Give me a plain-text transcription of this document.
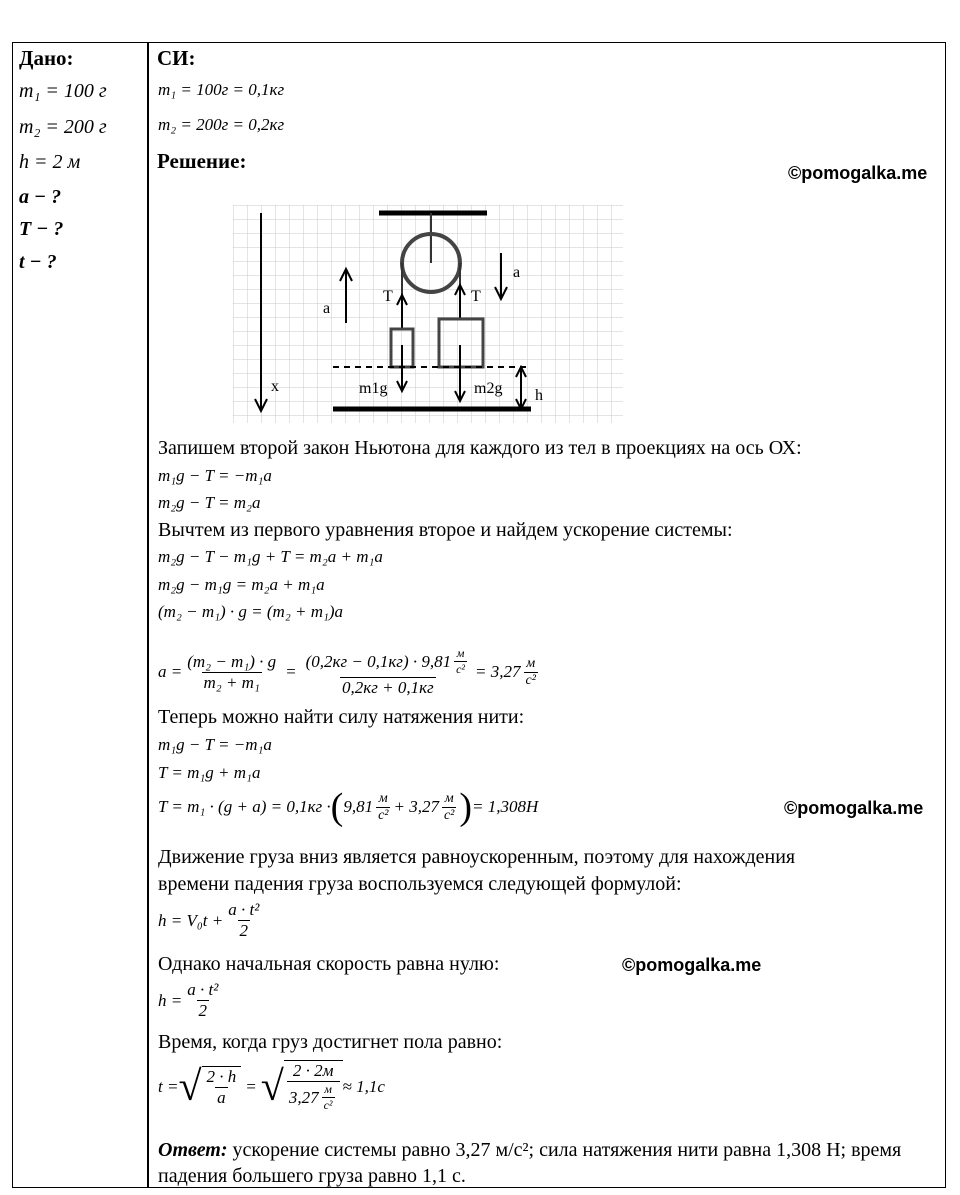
Дано:
m₁ = 100 г
m₂ = 200 г
h = 2 м
a − ?
T − ?
t − ?
СИ:
m₁ = 100г = 0,1кг
m₂ = 200г = 0,2кг
Решение:	©pomogalka.me
a
a
T	T
m1g	m2g h
x
Запишем второй закон Ньютона для каждого из тел в проекциях на ось ОХ:
m₁g − T = −m₁a
m₂g − T = m₂a
Вычтем из первого уравнения второе и найдем ускорение системы:
m₂g − T − m₁g + T = m₂a + m₁a
m₂g − m₁g = m₂a + m₁a
(m₂ − m₁) · g = (m₂ + m₁)a
$a = \frac{\text{(m₂ − m₁) · g}}{\text{m₂ + m₁}} = \frac{(0,2кг - 0,1кг) \cdot 9,81 \frac{м}{\text{с²}}}{0,2кг + 0,1кг} = 3,27 \frac{м}{\text{с²}}$
Теперь можно найти силу натяжения нити:
m₁g − T = −m₁a
T = m₁g + m₁a
T = m₁ · (g + a) = 0,1кг · ( $9,81 \frac{м}{\text{с²}} + 3,27 \frac{м}{\text{с²}}$ ) = 1,308H	©pomogalka.me
Движение груза вниз является равноускоренным, поэтому для нахождения
времени падения груза воспользуемся следующей формулой:
$h = V_0t + \frac{\text{a · t²}}{2}$
Однако начальная скорость равна нулю:	©pomogalka.me
$h = \frac{\text{a · t²}}{2}$
Время, когда груз достигнет пола равно:
t = √ $\frac{2 \cdot h}{a}$ = √ $\frac{2 \cdot 2м}{3,27 \frac{м}{\text{с²}}} \approx 1,1с$
Ответ: ускорение системы равно 3,27 м/с²; сила натяжения нити равна 1,308 Н; время падения большего груза равно 1,1 с.
